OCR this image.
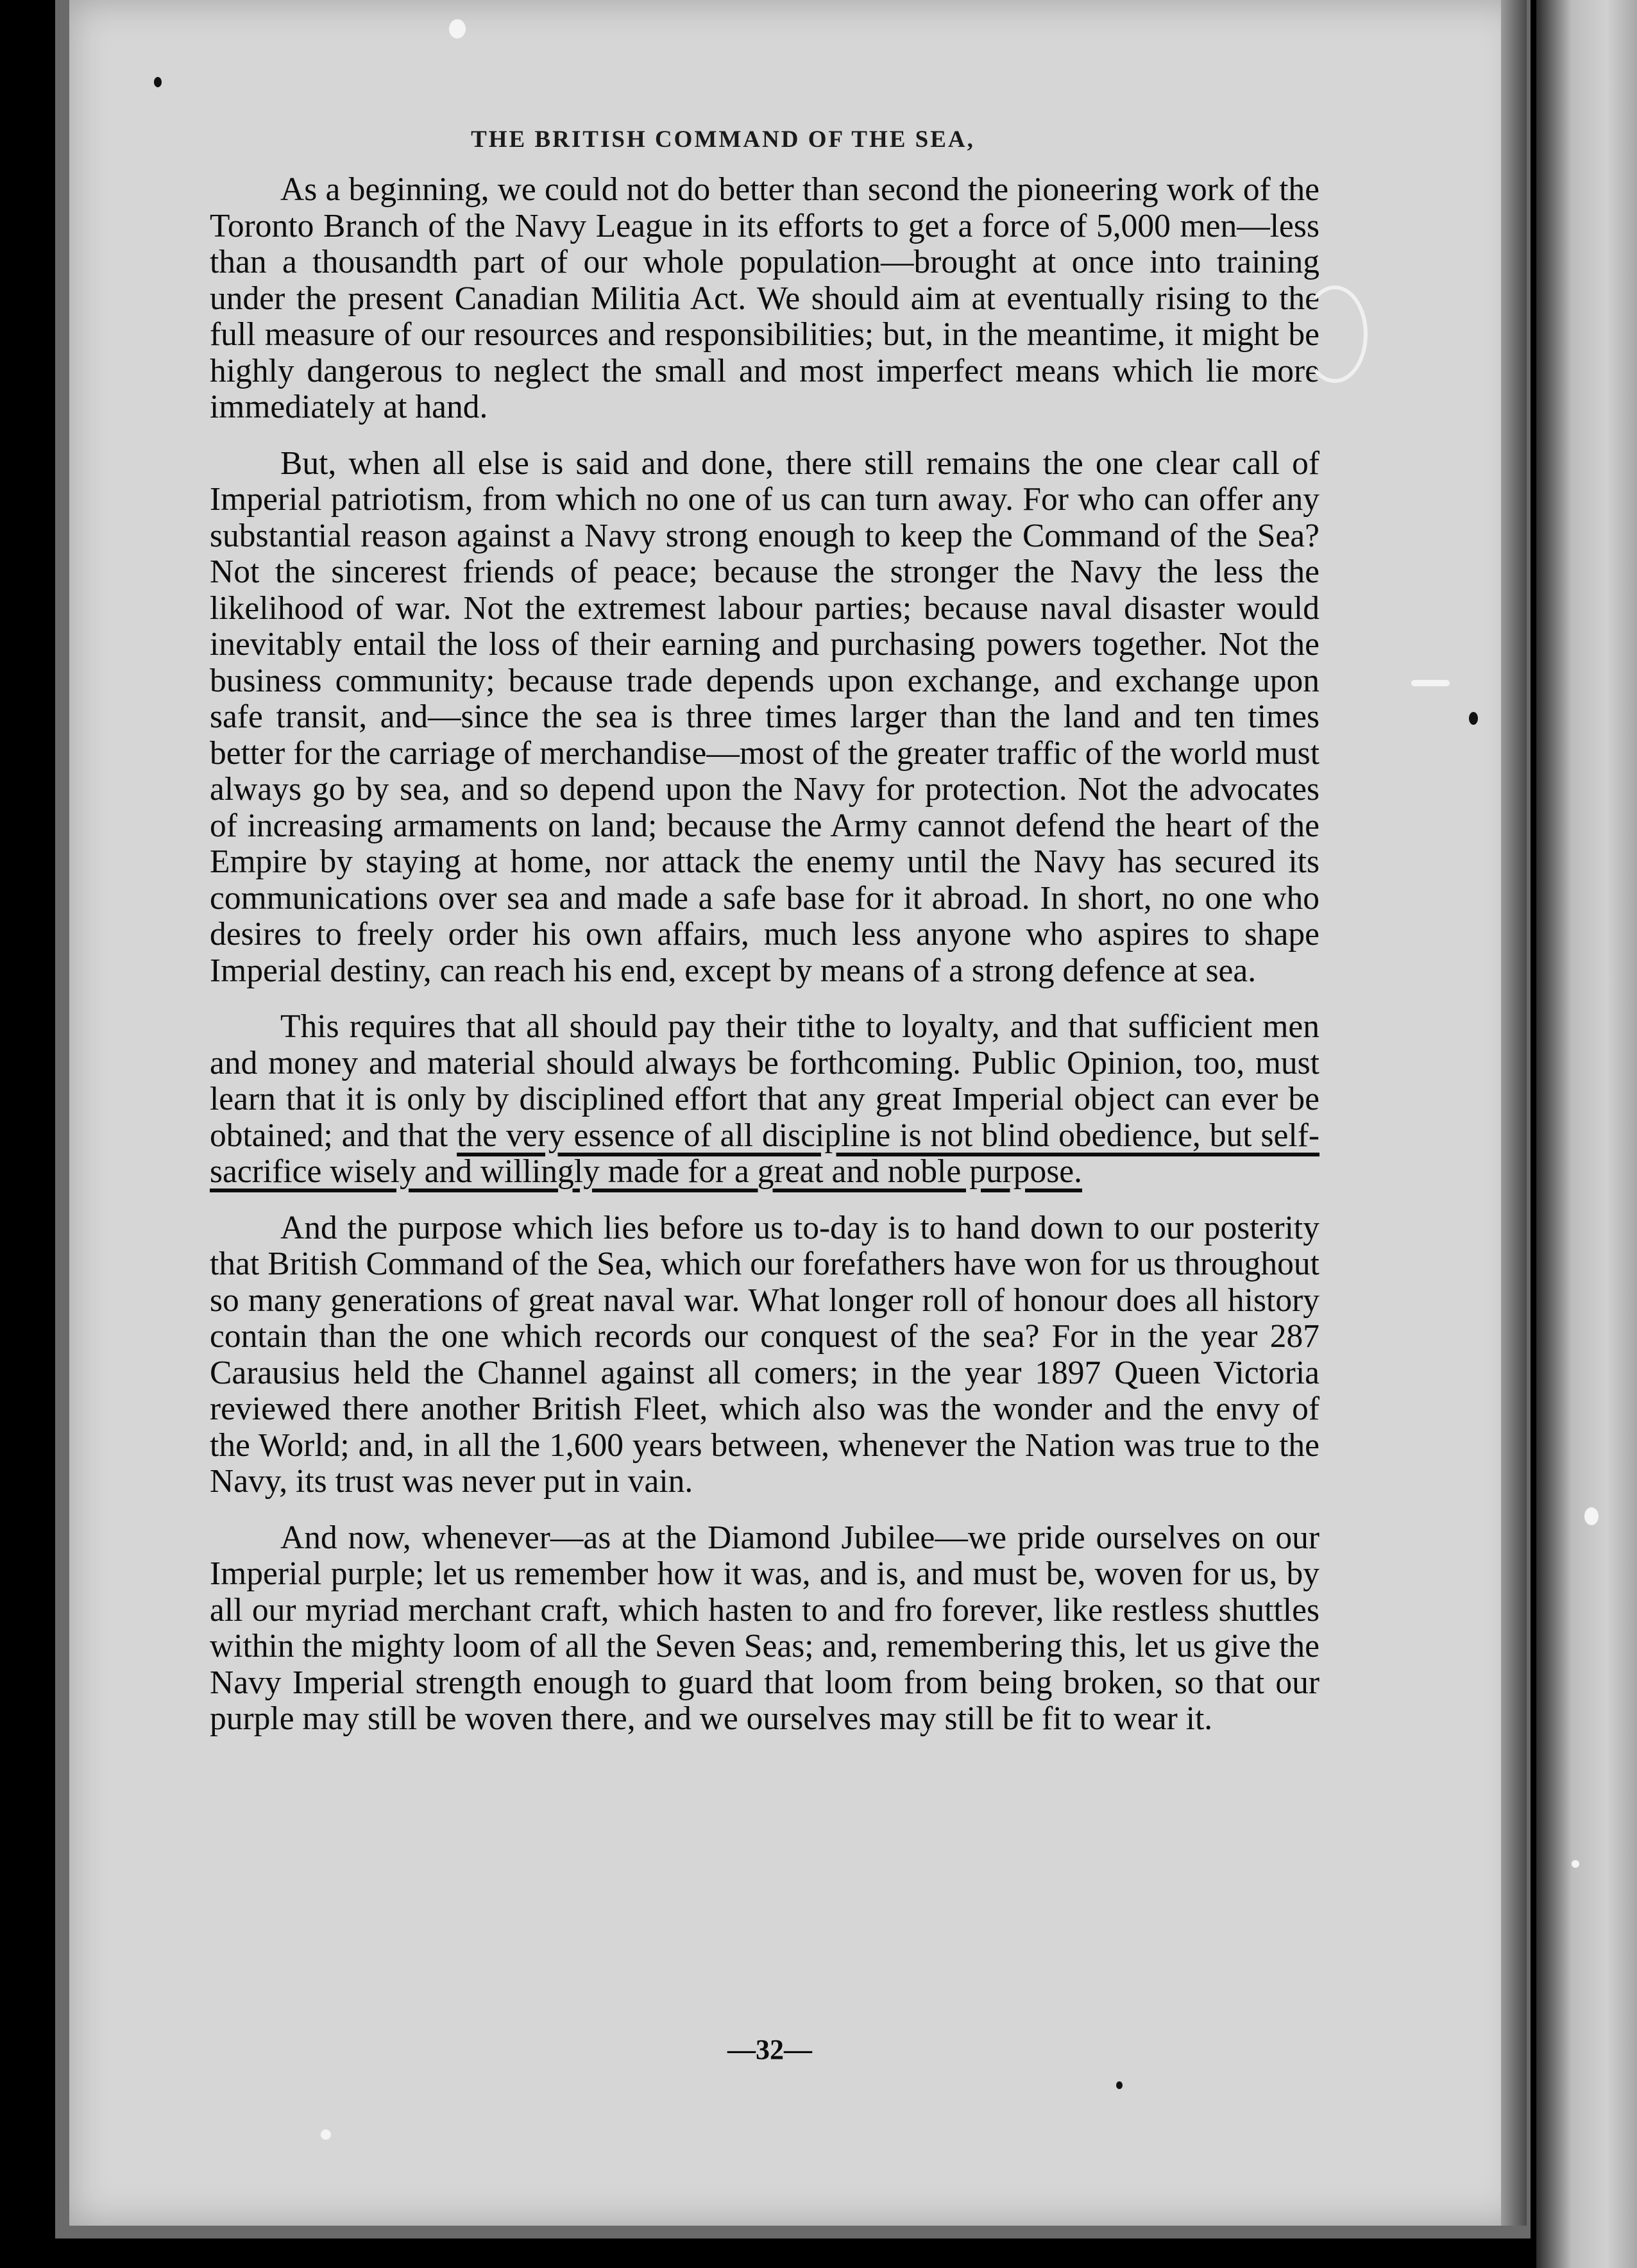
THE BRITISH COMMAND OF THE SEA,

As a beginning, we could not do better than second the pioneering work of the Toronto Branch of the Navy League in its efforts to get a force of 5,000 men—less than a thousandth part of our whole population—brought at once into training under the present Canadian Militia Act. We should aim at eventually rising to the full measure of our resources and responsibilities; but, in the meantime, it might be highly dangerous to neglect the small and most imperfect means which lie more immediately at hand.

But, when all else is said and done, there still remains the one clear call of Imperial patriotism, from which no one of us can turn away. For who can offer any substantial reason against a Navy strong enough to keep the Command of the Sea? Not the sincerest friends of peace; because the stronger the Navy the less the likelihood of war. Not the extremest labour parties; because naval disaster would inevitably entail the loss of their earning and purchasing powers together. Not the business community; because trade depends upon exchange, and exchange upon safe transit, and—since the sea is three times larger than the land and ten times better for the carriage of merchandise—most of the greater traffic of the world must always go by sea, and so depend upon the Navy for protection. Not the advocates of increasing armaments on land; because the Army cannot defend the heart of the Empire by staying at home, nor attack the enemy until the Navy has secured its communications over sea and made a safe base for it abroad. In short, no one who desires to freely order his own affairs, much less anyone who aspires to shape Imperial destiny, can reach his end, except by means of a strong defence at sea.

This requires that all should pay their tithe to loyalty, and that sufficient men and money and material should always be forthcoming. Public Opinion, too, must learn that it is only by disciplined effort that any great Imperial object can ever be obtained; and that the very essence of all discipline is not blind obedience, but self-sacrifice wisely and willingly made for a great and noble purpose.

And the purpose which lies before us to-day is to hand down to our posterity that British Command of the Sea, which our forefathers have won for us throughout so many generations of great naval war. What longer roll of honour does all history contain than the one which records our conquest of the sea? For in the year 287 Carausius held the Channel against all comers; in the year 1897 Queen Victoria reviewed there another British Fleet, which also was the wonder and the envy of the World; and, in all the 1,600 years between, whenever the Nation was true to the Navy, its trust was never put in vain.

And now, whenever—as at the Diamond Jubilee—we pride ourselves on our Imperial purple; let us remember how it was, and is, and must be, woven for us, by all our myriad merchant craft, which hasten to and fro forever, like restless shuttles within the mighty loom of all the Seven Seas; and, remembering this, let us give the Navy Imperial strength enough to guard that loom from being broken, so that our purple may still be woven there, and we ourselves may still be fit to wear it.

—32—
